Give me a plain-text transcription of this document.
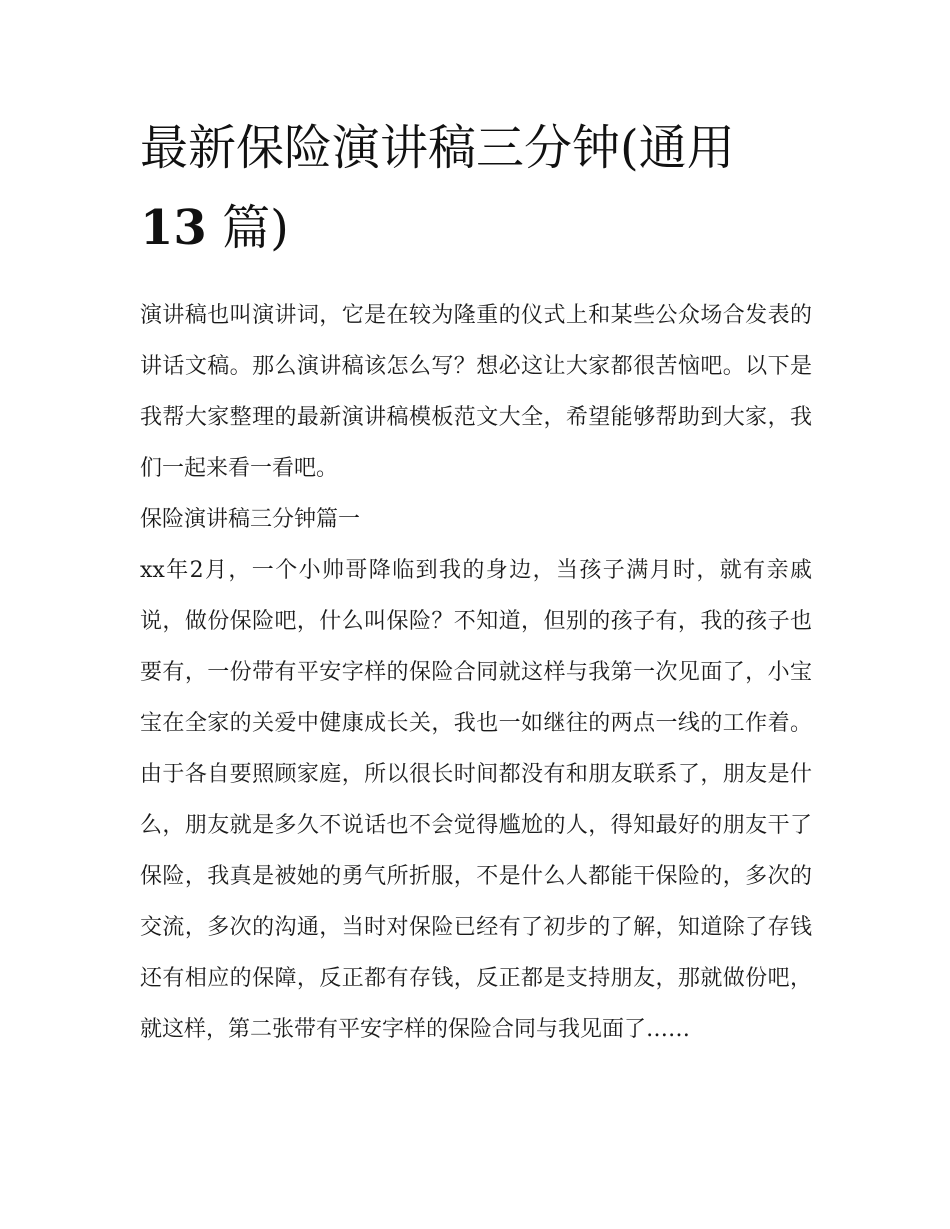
最新保险演讲稿三分钟(通用
13 篇)

演讲稿也叫演讲词，它是在较为隆重的仪式上和某些公众场合发表的讲话文稿。那么演讲稿该怎么写？想必这让大家都很苦恼吧。以下是我帮大家整理的最新演讲稿模板范文大全，希望能够帮助到大家，我们一起来看一看吧。

保险演讲稿三分钟篇一

xx年2月，一个小帅哥降临到我的身边，当孩子满月时，就有亲戚说，做份保险吧，什么叫保险？不知道，但别的孩子有，我的孩子也要有，一份带有平安字样的保险合同就这样与我第一次见面了，小宝宝在全家的关爱中健康成长关，我也一如继往的两点一线的工作着。由于各自要照顾家庭，所以很长时间都没有和朋友联系了，朋友是什么，朋友就是多久不说话也不会觉得尴尬的人，得知最好的朋友干了保险，我真是被她的勇气所折服，不是什么人都能干保险的，多次的交流，多次的沟通，当时对保险已经有了初步的了解，知道除了存钱还有相应的保障，反正都有存钱，反正都是支持朋友，那就做份吧，就这样，第二张带有平安字样的保险合同与我见面了……
